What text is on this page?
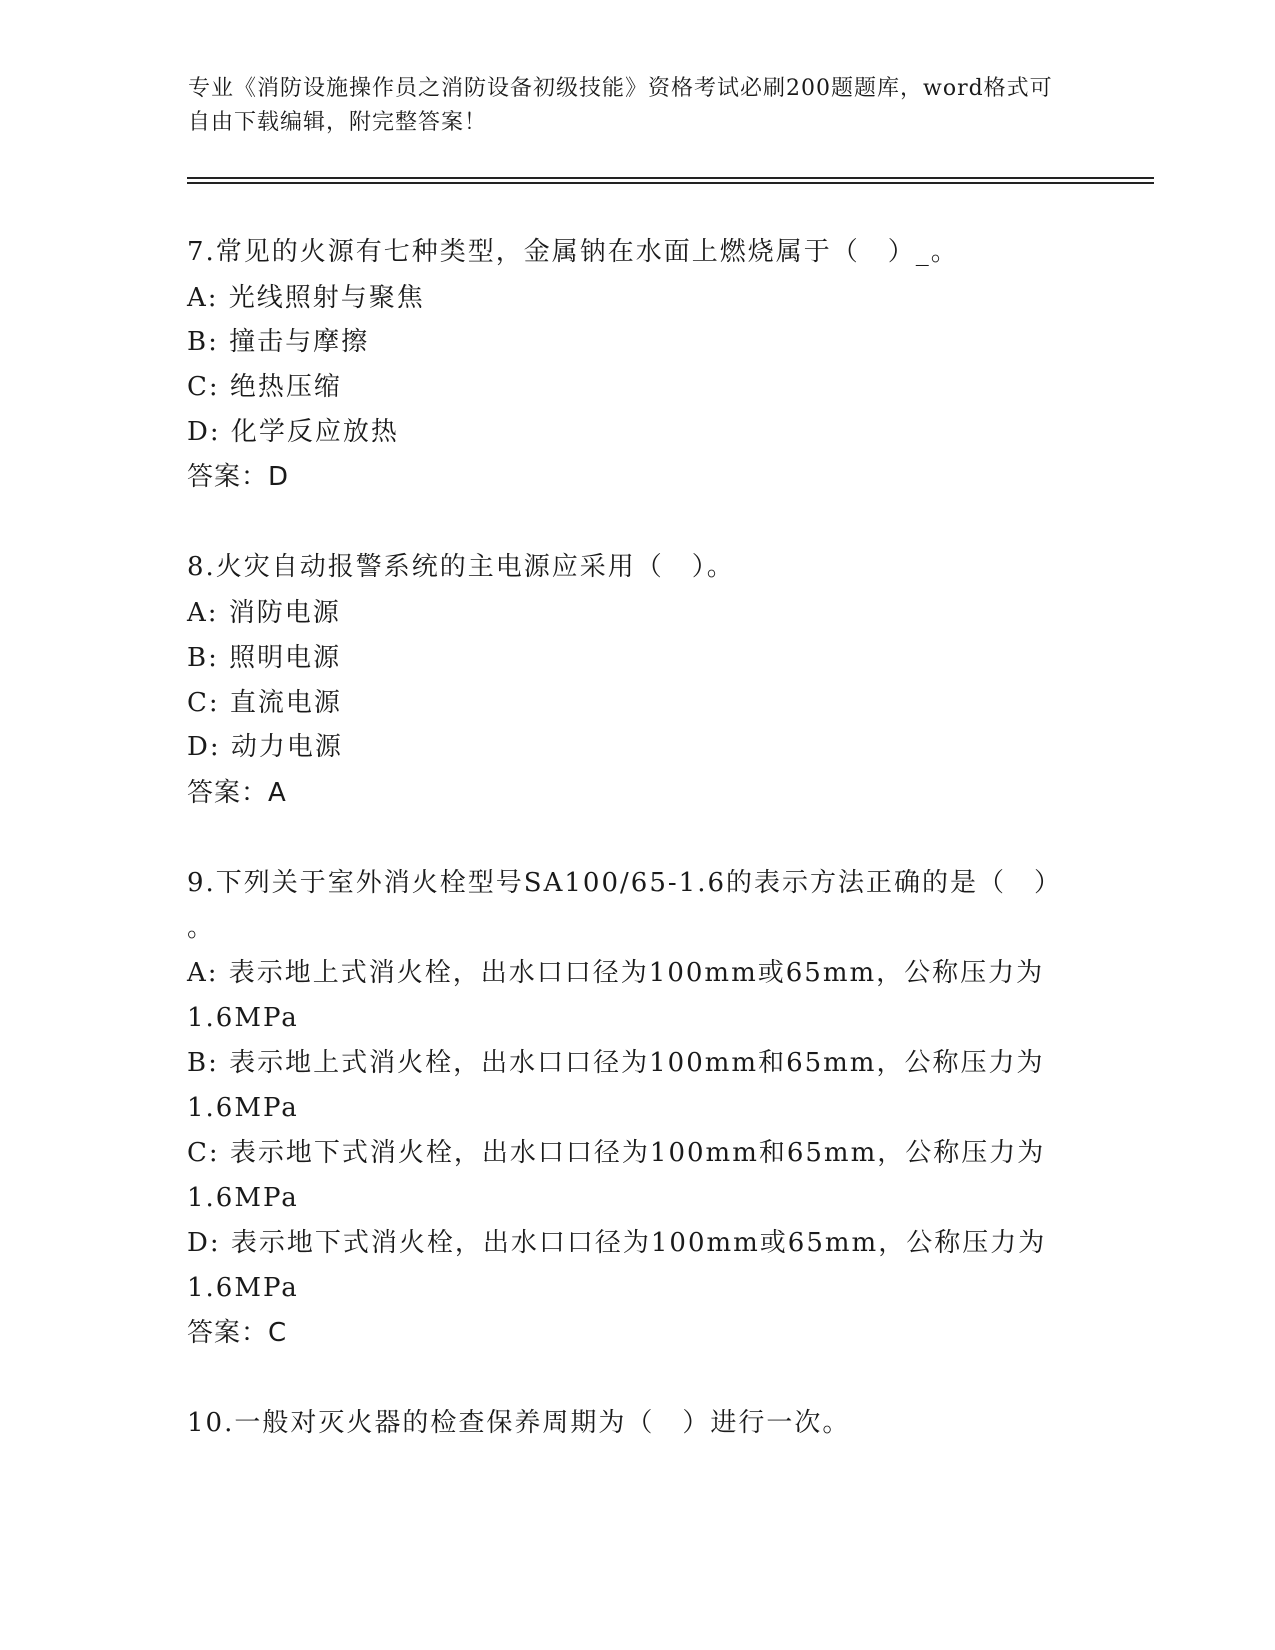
专业《消防设施操作员之消防设备初级技能》资格考试必刷200题题库，word格式可自由下载编辑，附完整答案！
7.常见的火源有七种类型，金属钠在水面上燃烧属于（　）_。
A: 光线照射与聚焦
B: 撞击与摩擦
C: 绝热压缩
D: 化学反应放热
答案：D
8.火灾自动报警系统的主电源应采用（　）。
A: 消防电源
B: 照明电源
C: 直流电源
D: 动力电源
答案：A
9.下列关于室外消火栓型号SA100/65-1.6的表示方法正确的是（　）
。
A: 表示地上式消火栓，出水口口径为100mm或65mm，公称压力为
1.6MPa
B: 表示地上式消火栓，出水口口径为100mm和65mm，公称压力为
1.6MPa
C: 表示地下式消火栓，出水口口径为100mm和65mm，公称压力为
1.6MPa
D: 表示地下式消火栓，出水口口径为100mm或65mm，公称压力为
1.6MPa
答案：C
10.一般对灭火器的检查保养周期为（　）进行一次。
